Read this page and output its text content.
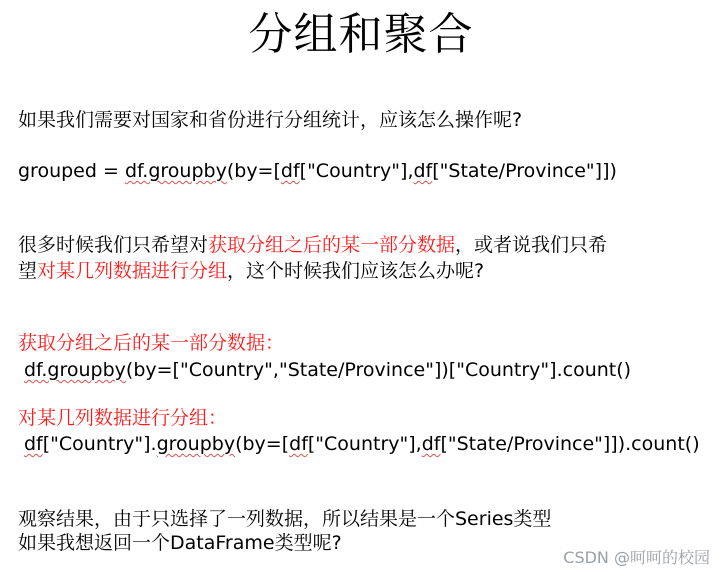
分组和聚合
如果我们需要对国家和省份进行分组统计，应该怎么操作呢?
grouped = df.groupby(by=[df["Country"],df["State/Province"]])
很多时候我们只希望对获取分组之后的某一部分数据，或者说我们只希
望对某几列数据进行分组，这个时候我们应该怎么办呢?
获取分组之后的某一部分数据：
df.groupby(by=["Country","State/Province"])["Country"].count()
对某几列数据进行分组：
df["Country"].groupby(by=[df["Country"],df["State/Province"]]).count()
观察结果，由于只选择了一列数据，所以结果是一个Series类型
如果我想返回一个DataFrame类型呢?
CSDN @呵呵的校园
